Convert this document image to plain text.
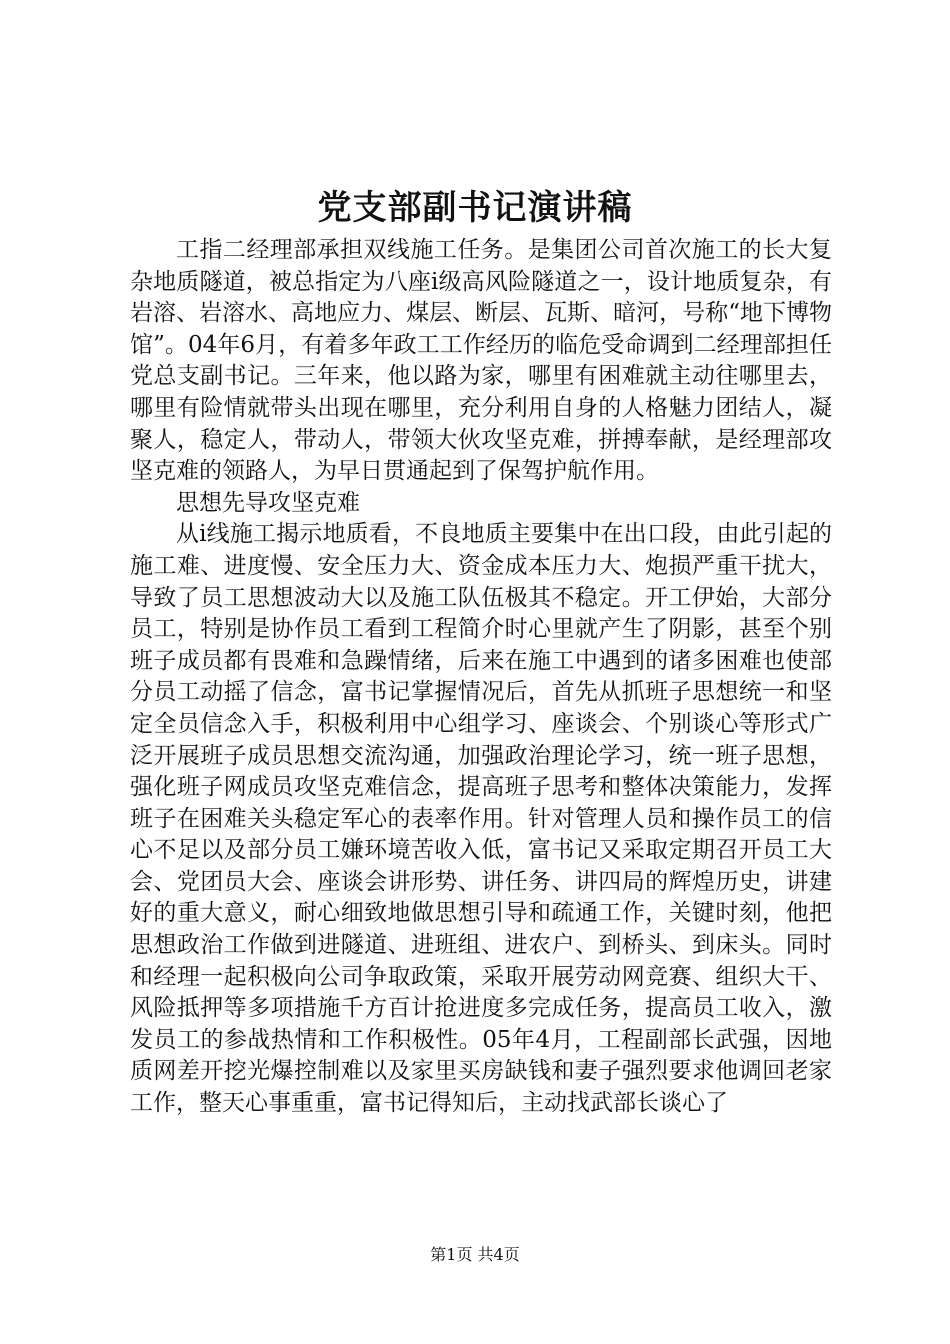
党支部副书记演讲稿

工指二经理部承担双线施工任务。是集团公司首次施工的长大复杂地质隧道，被总指定为八座ⅰ级高风险隧道之一，设计地质复杂，有岩溶、岩溶水、高地应力、煤层、断层、瓦斯、暗河，号称“地下博物馆”。04年6月，有着多年政工工作经历的临危受命调到二经理部担任党总支副书记。三年来，他以路为家，哪里有困难就主动往哪里去，哪里有险情就带头出现在哪里，充分利用自身的人格魅力团结人，凝聚人，稳定人，带动人，带领大伙攻坚克难，拼搏奉献，是经理部攻坚克难的领路人，为早日贯通起到了保驾护航作用。

思想先导攻坚克难

从ⅰ线施工揭示地质看，不良地质主要集中在出口段，由此引起的施工难、进度慢、安全压力大、资金成本压力大、炮损严重干扰大，导致了员工思想波动大以及施工队伍极其不稳定。开工伊始，大部分员工，特别是协作员工看到工程简介时心里就产生了阴影，甚至个别班子成员都有畏难和急躁情绪，后来在施工中遇到的诸多困难也使部分员工动摇了信念，富书记掌握情况后，首先从抓班子思想统一和坚定全员信念入手，积极利用中心组学习、座谈会、个别谈心等形式广泛开展班子成员思想交流沟通，加强政治理论学习，统一班子思想，强化班子网成员攻坚克难信念，提高班子思考和整体决策能力，发挥班子在困难关头稳定军心的表率作用。针对管理人员和操作员工的信心不足以及部分员工嫌环境苦收入低，富书记又采取定期召开员工大会、党团员大会、座谈会讲形势、讲任务、讲四局的辉煌历史，讲建好的重大意义，耐心细致地做思想引导和疏通工作，关键时刻，他把思想政治工作做到进隧道、进班组、进农户、到桥头、到床头。同时和经理一起积极向公司争取政策，采取开展劳动网竞赛、组织大干、风险抵押等多项措施千方百计抢进度多完成任务，提高员工收入，激发员工的参战热情和工作积极性。05年4月，工程副部长武强，因地质网差开挖光爆控制难以及家里买房缺钱和妻子强烈要求他调回老家工作，整天心事重重，富书记得知后，主动找武部长谈心了

第1页 共4页
